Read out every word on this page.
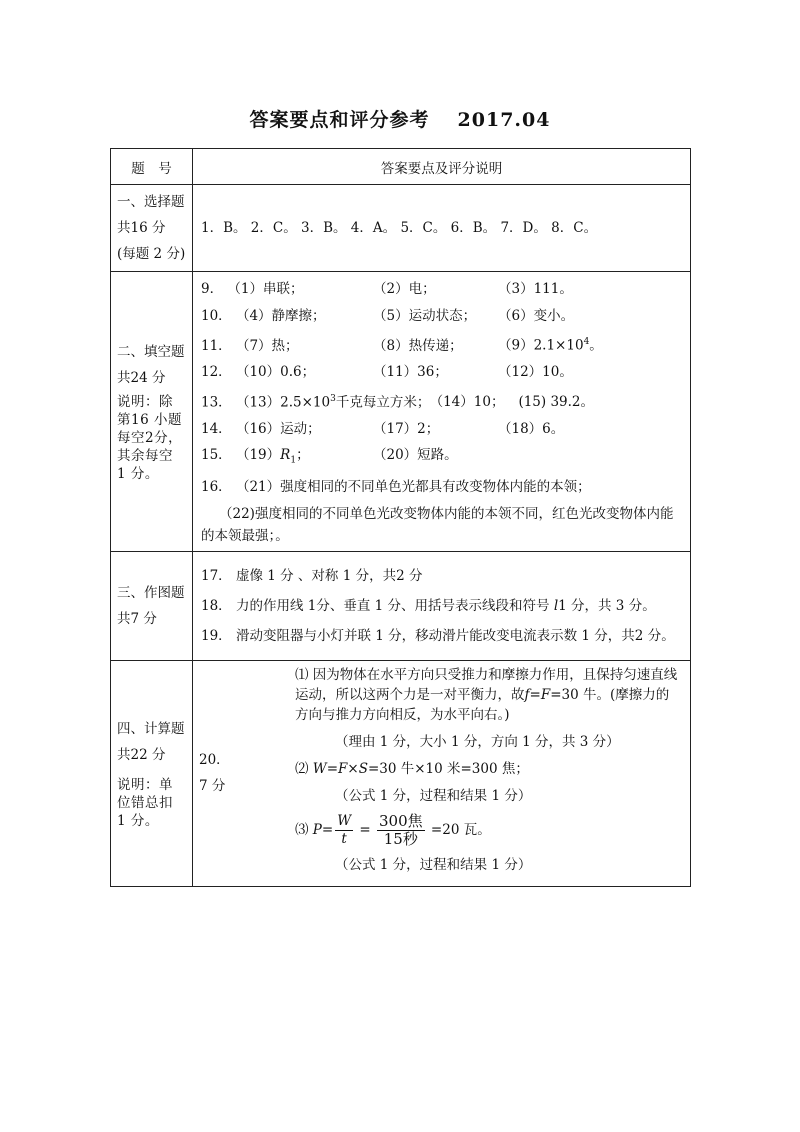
答案要点和评分参考 2017.04
题　号	答案要点及评分说明

一、选择题
共16 分
(每题 2 分)

1．B。 2．C。 3．B。 4．A。 5．C。 6．B。 7．D。 8．C。

二、填空题
共24 分
说明：除第16 小题每空2分，其余每空 1 分。

9． （1）串联；	（2）电；	（3）111。
10． （4）静摩擦；	（5）运动状态； （6）变小。
11． （7）热；	（8）热传递；	$(9)2.1\times 10^4$。
12． （10）0.6；	（11）36；	（12）10。
13． $(13)2.5\times 10^3$千克每立方米； （14）10； (15) 39.2。
14． （16）运动；	（17）2；	（18）6。
15． $(19)R_1$；	（20）短路。
16． （21）强度相同的不同单色光都具有改变物体内能的本领；
（22)强度相同的不同单色光改变物体内能的本领不同，红色光改变物体内能的本领最强；。

三、作图题
共7 分

17． 虚像 1 分 、对称 1 分，共2 分
18． 力的作用线 1分、垂直 1 分、用括号表示线段和符号 l1 分，共 3 分。
19． 滑动变阻器与小灯并联 1 分，移动滑片能改变电流表示数 1 分，共2 分。

四、计算题
共22 分
说明：单位错总扣 1 分。

20．
7 分

⑴ 因为物体在水平方向只受推力和摩擦力作用，且保持匀速直线运动，所以这两个力是一对平衡力，故f=F=30 牛。(摩擦力的方向与推力方向相反，为水平向右。)
（理由 1 分，大小 1 分，方向 1 分，共 3 分）
⑵ W=F×S=30 牛×10 米=300 焦；
（公式 1 分，过程和结果 1 分）
⑶ $P= \frac{W}{t} = \frac{\text{300焦}}{\text{15秒}} =20$ 瓦。
（公式 1 分，过程和结果 1 分）
